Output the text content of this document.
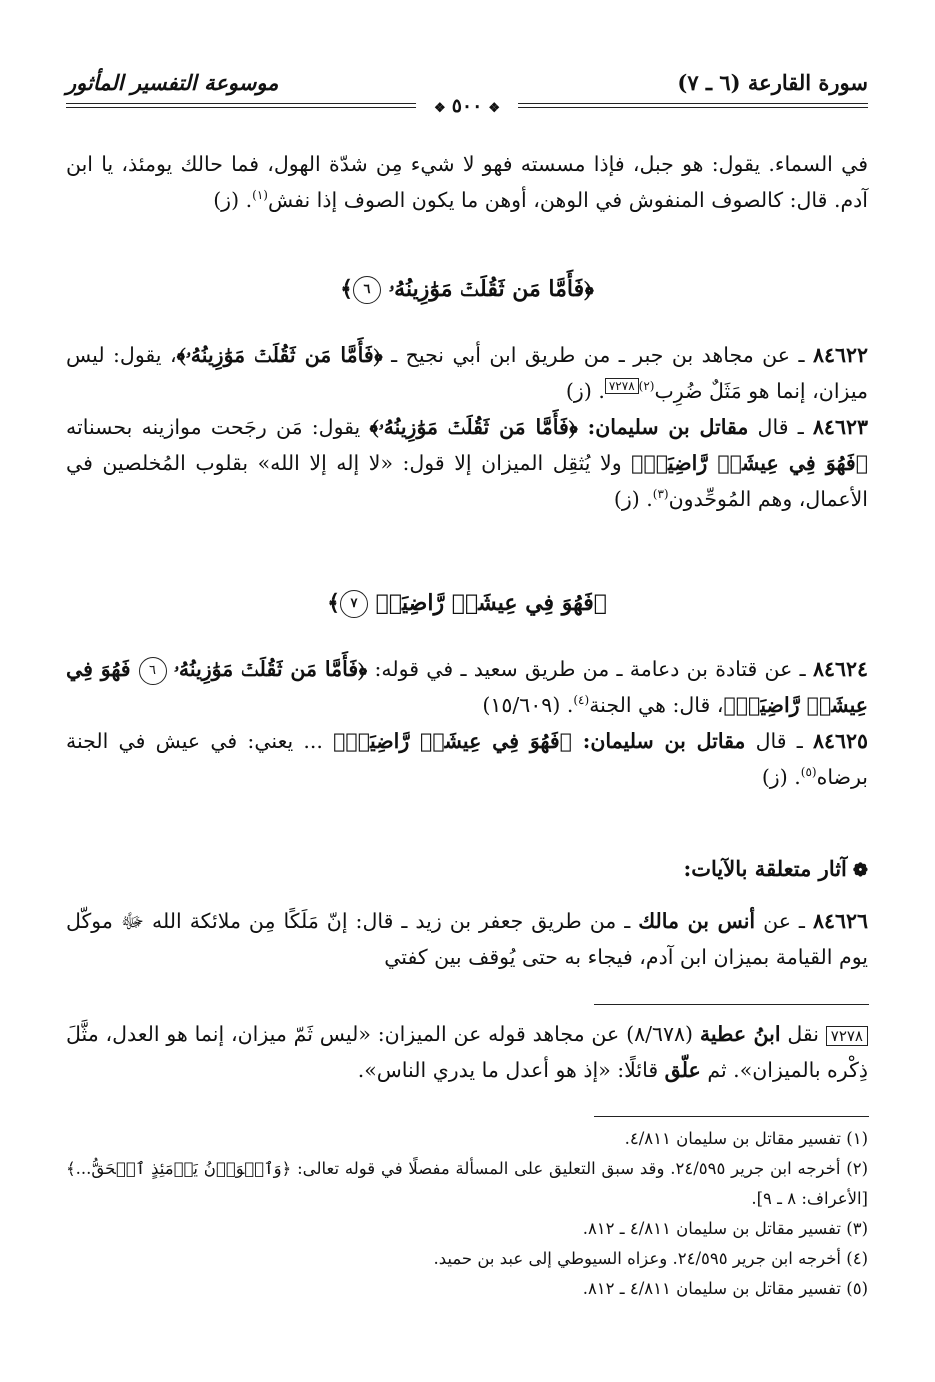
سورة القارعة (٦ ـ ٧)
موسوعة التفسير المأثور
❖٥٠٠❖

في السماء. يقول: هو جبل، فإذا مسسته فهو لا شيء مِن شدّة الهول، فما حالك يومئذ، يا ابن آدم. قال: كالصوف المنفوش في الوهن، أوهن ما يكون الصوف إذا نفش$^{(١)}$. (ز)

﴿فَأَمَّا مَن ثَقُلَتۡ مَوَٰزِينُهُۥ ٦﴾

٨٤٦٢٢ ـ عن مجاهد بن جبر ـ من طريق ابن أبي نجيح ـ ﴿فَأَمَّا مَن ثَقُلَتۡ مَوَٰزِينُهُۥ﴾، يقول: ليس ميزان، إنما هو مَثَلٌ ضُرِب$^{(٢)}$٧٢٧٨. (ز)

٨٤٦٢٣ ـ قال مقاتل بن سليمان: ﴿فَأَمَّا مَن ثَقُلَتۡ مَوَٰزِينُهُۥ﴾ يقول: مَن رجَحت موازينه بحسناته ﴿فَهُوَ فِي عِيشَةٖ رَّاضِيَةٖ﴾ ولا يُثقِل الميزان إلا قول: «لا إله إلا الله» بقلوب المُخلصين في الأعمال، وهم المُوحِّدون$^{(٣)}$. (ز)

﴿فَهُوَ فِي عِيشَةٖ رَّاضِيَةٖ ٧﴾

٨٤٦٢٤ ـ عن قتادة بن دعامة ـ من طريق سعيد ـ في قوله: ﴿فَأَمَّا مَن ثَقُلَتۡ مَوَٰزِينُهُۥ ٦ فَهُوَ فِي عِيشَةٖ رَّاضِيَةٖ﴾، قال: هي الجنة$^{(٤)}$. (١٥/٦٠٩)

٨٤٦٢٥ ـ قال مقاتل بن سليمان: ﴿فَهُوَ فِي عِيشَةٖ رَّاضِيَةٖ﴾ ... يعني: في عيش في الجنة برضاه$^{(٥)}$. (ز)

❁آثار متعلقة بالآيات:

٨٤٦٢٦ ـ عن أنس بن مالك ـ من طريق جعفر بن زيد ـ قال: إنّ مَلَكًا مِن ملائكة الله ﷻ موكّل يوم القيامة بميزان ابن آدم، فيجاء به حتى يُوقف بين كفتي

٧٢٧٨ نقل ابنُ عطية (٨/٦٧٨) عن مجاهد قوله عن الميزان: «ليس ثَمّ ميزان، إنما هو العدل، مثَّلَ ذِكْره بالميزان». ثم علّق قائلًا: «إذ هو أعدل ما يدري الناس».

(١) تفسير مقاتل بن سليمان ٤/٨١١.

(٢) أخرجه ابن جرير ٢٤/٥٩٥. وقد سبق التعليق على المسألة مفصلًا في قوله تعالى: ﴿وَٱلۡوَزۡنُ يَوۡمَئِذٍ ٱلۡحَقُّ...﴾ [الأعراف: ٨ ـ ٩].

(٣) تفسير مقاتل بن سليمان ٤/٨١١ ـ ٨١٢.

(٤) أخرجه ابن جرير ٢٤/٥٩٥. وعزاه السيوطي إلى عبد بن حميد.

(٥) تفسير مقاتل بن سليمان ٤/٨١١ ـ ٨١٢.
